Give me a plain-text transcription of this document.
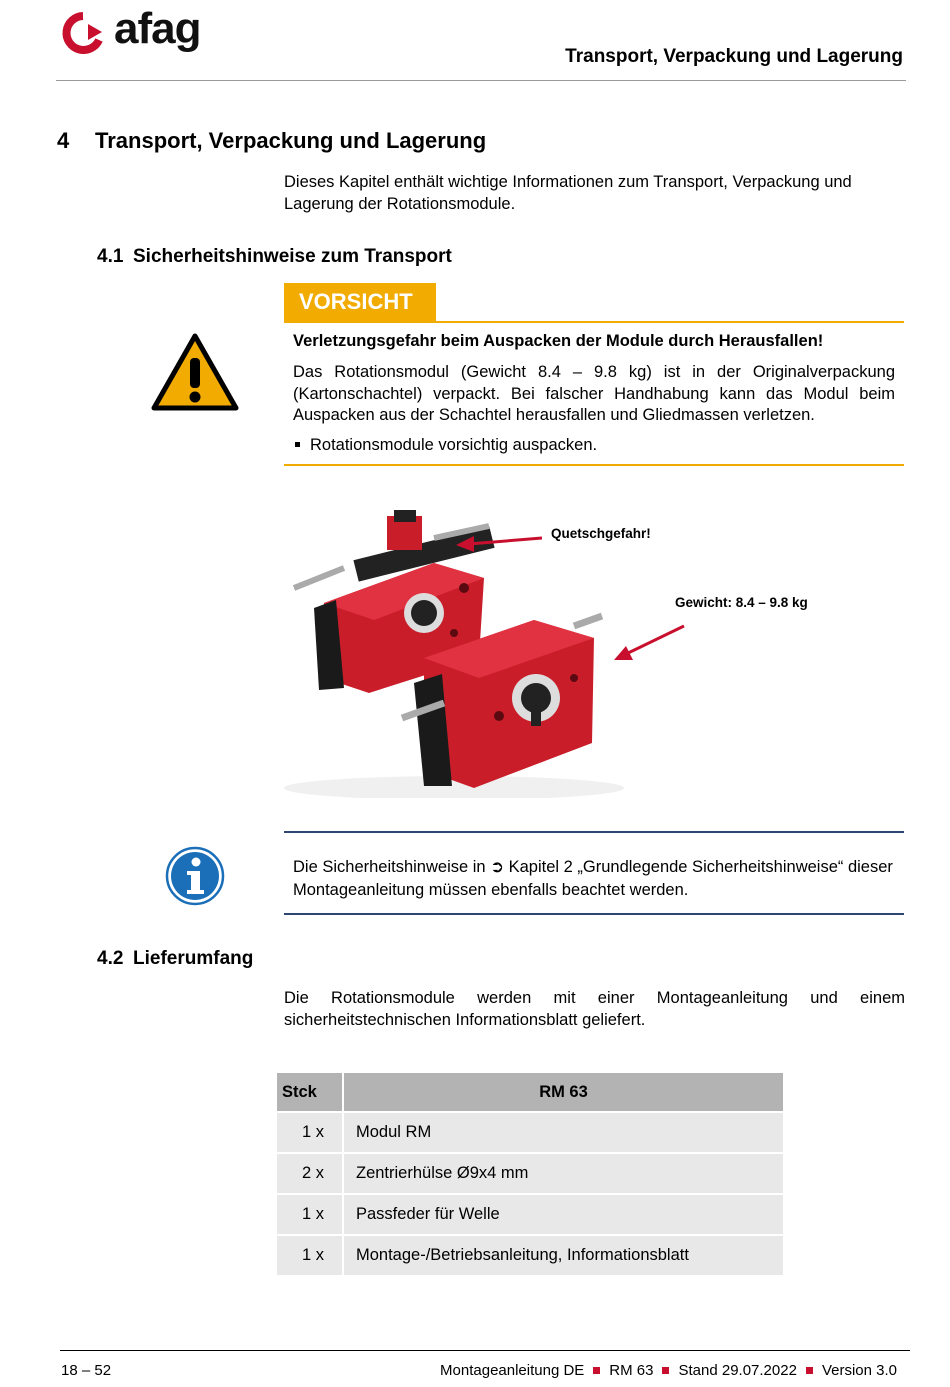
afag
Transport, Verpackung und Lagerung
4 Transport, Verpackung und Lagerung
Dieses Kapitel enthält wichtige Informationen zum Transport, Verpackung und Lagerung der Rotationsmodule.
4.1 Sicherheitshinweise zum Transport
VORSICHT
Verletzungsgefahr beim Auspacken der Module durch Herausfallen!
Das Rotationsmodul (Gewicht 8.4 – 9.8 kg) ist in der Originalverpackung (Kartonschachtel) verpackt. Bei falscher Handhabung kann das Modul beim Auspacken aus der Schachtel herausfallen und Gliedmassen verletzen.
Rotationsmodule vorsichtig auspacken.
Quetschgefahr!
Gewicht: 8.4 – 9.8 kg
Die Sicherheitshinweise in ➲ Kapitel 2 „Grundlegende Sicherheitshinweise“ dieser Montageanleitung müssen ebenfalls beachtet werden.
4.2 Lieferumfang
Die Rotationsmodule werden mit einer Montageanleitung und einem sicherheitstechnischen Informationsblatt geliefert.
Stck	RM 63
1 x	Modul RM
2 x	Zentrierhülse Ø9x4 mm
1 x	Passfeder für Welle
1 x	Montage-/Betriebsanleitung, Informationsblatt
18 – 52	Montageanleitung DE RM 63 Stand 29.07.2022 Version 3.0
